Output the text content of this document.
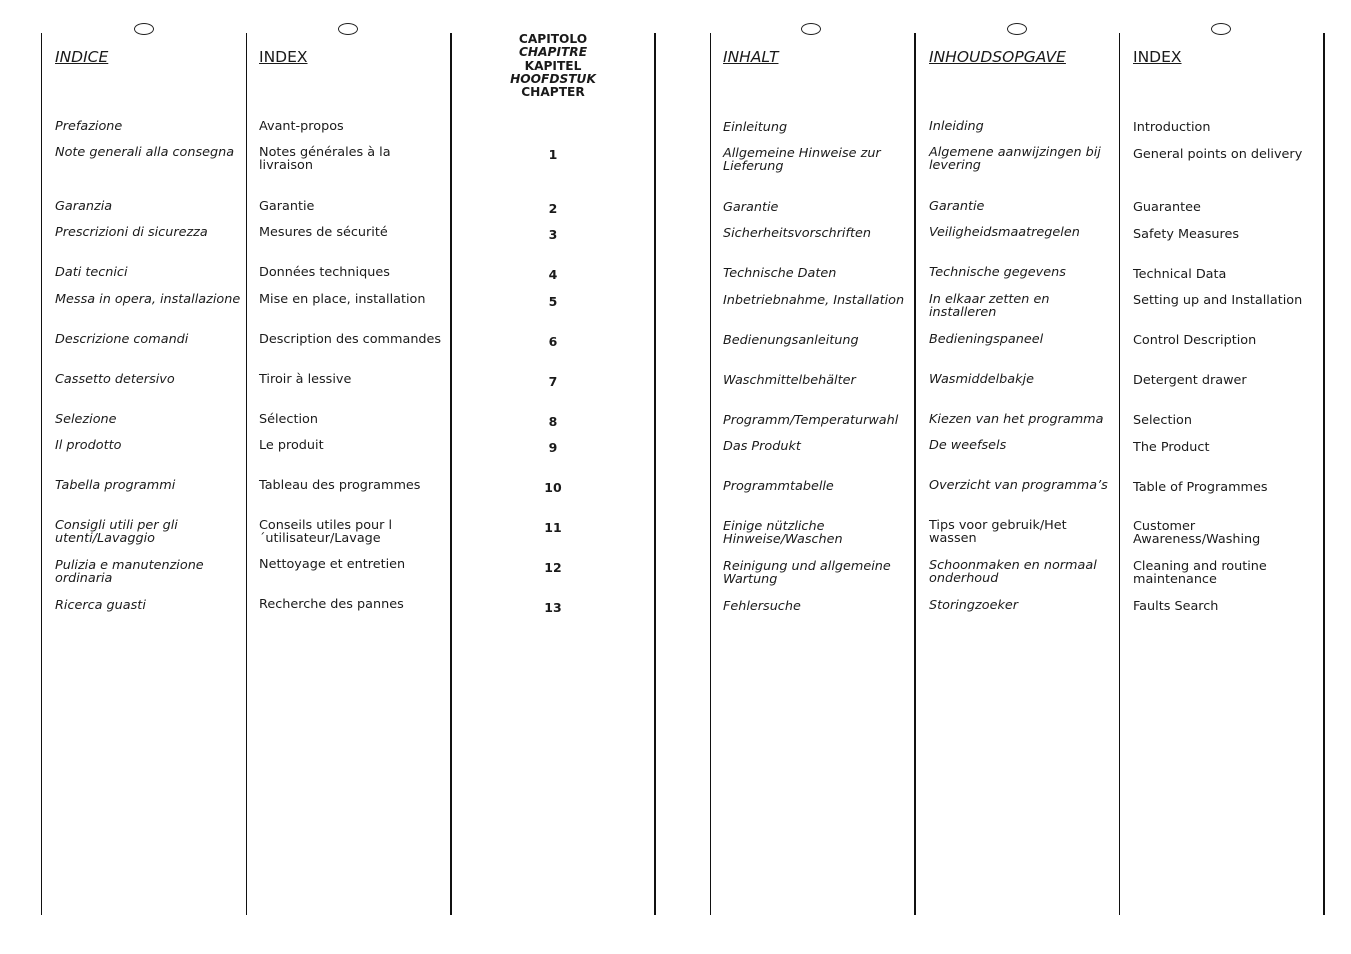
INDICE
Prefazione
Note generali alla consegna
Garanzia
Prescrizioni di sicurezza
Dati tecnici
Messa in opera, installazione
Descrizione comandi
Cassetto detersivo
Selezione
Il prodotto
Tabella programmi
Consigli utili per gli utenti/Lavaggio
Pulizia e manutenzione ordinaria
Ricerca guasti
INDEX
Avant-propos
Notes générales à la livraison
Garantie
Mesures de sécurité
Données techniques
Mise en place, installation
Description des commandes
Tiroir à lessive
Sélection
Le produit
Tableau des programmes
Conseils utiles pour l´utilisateur/Lavage
Nettoyage et entretien
Recherche des pannes
CAPITOLO
CHAPITRE
KAPITEL
HOOFDSTUK
CHAPTER
1
2
3
4
5
6
7
8
9
10
11
12
13
INHALT
Einleitung
Allgemeine Hinweise zur Lieferung
Garantie
Sicherheitsvorschriften
Technische Daten
Inbetriebnahme, Installation
Bedienungsanleitung
Waschmittelbehälter
Programm/Temperaturwahl
Das Produkt
Programmtabelle
Einige nützliche Hinweise/Waschen
Reinigung und allgemeine Wartung
Fehlersuche
INHOUDSOPGAVE
Inleiding
Algemene aanwijzingen bij levering
Garantie
Veiligheidsmaatregelen
Technische gegevens
In elkaar zetten en installeren
Bedieningspaneel
Wasmiddelbakje
Kiezen van het programma
De weefsels
Overzicht van programma’s
Tips voor gebruik/Het wassen
Schoonmaken en normaal onderhoud
Storingzoeker
INDEX
Introduction
General points on delivery
Guarantee
Safety Measures
Technical Data
Setting up and Installation
Control Description
Detergent drawer
Selection
The Product
Table of Programmes
Customer Awareness/Washing
Cleaning and routine maintenance
Faults Search
